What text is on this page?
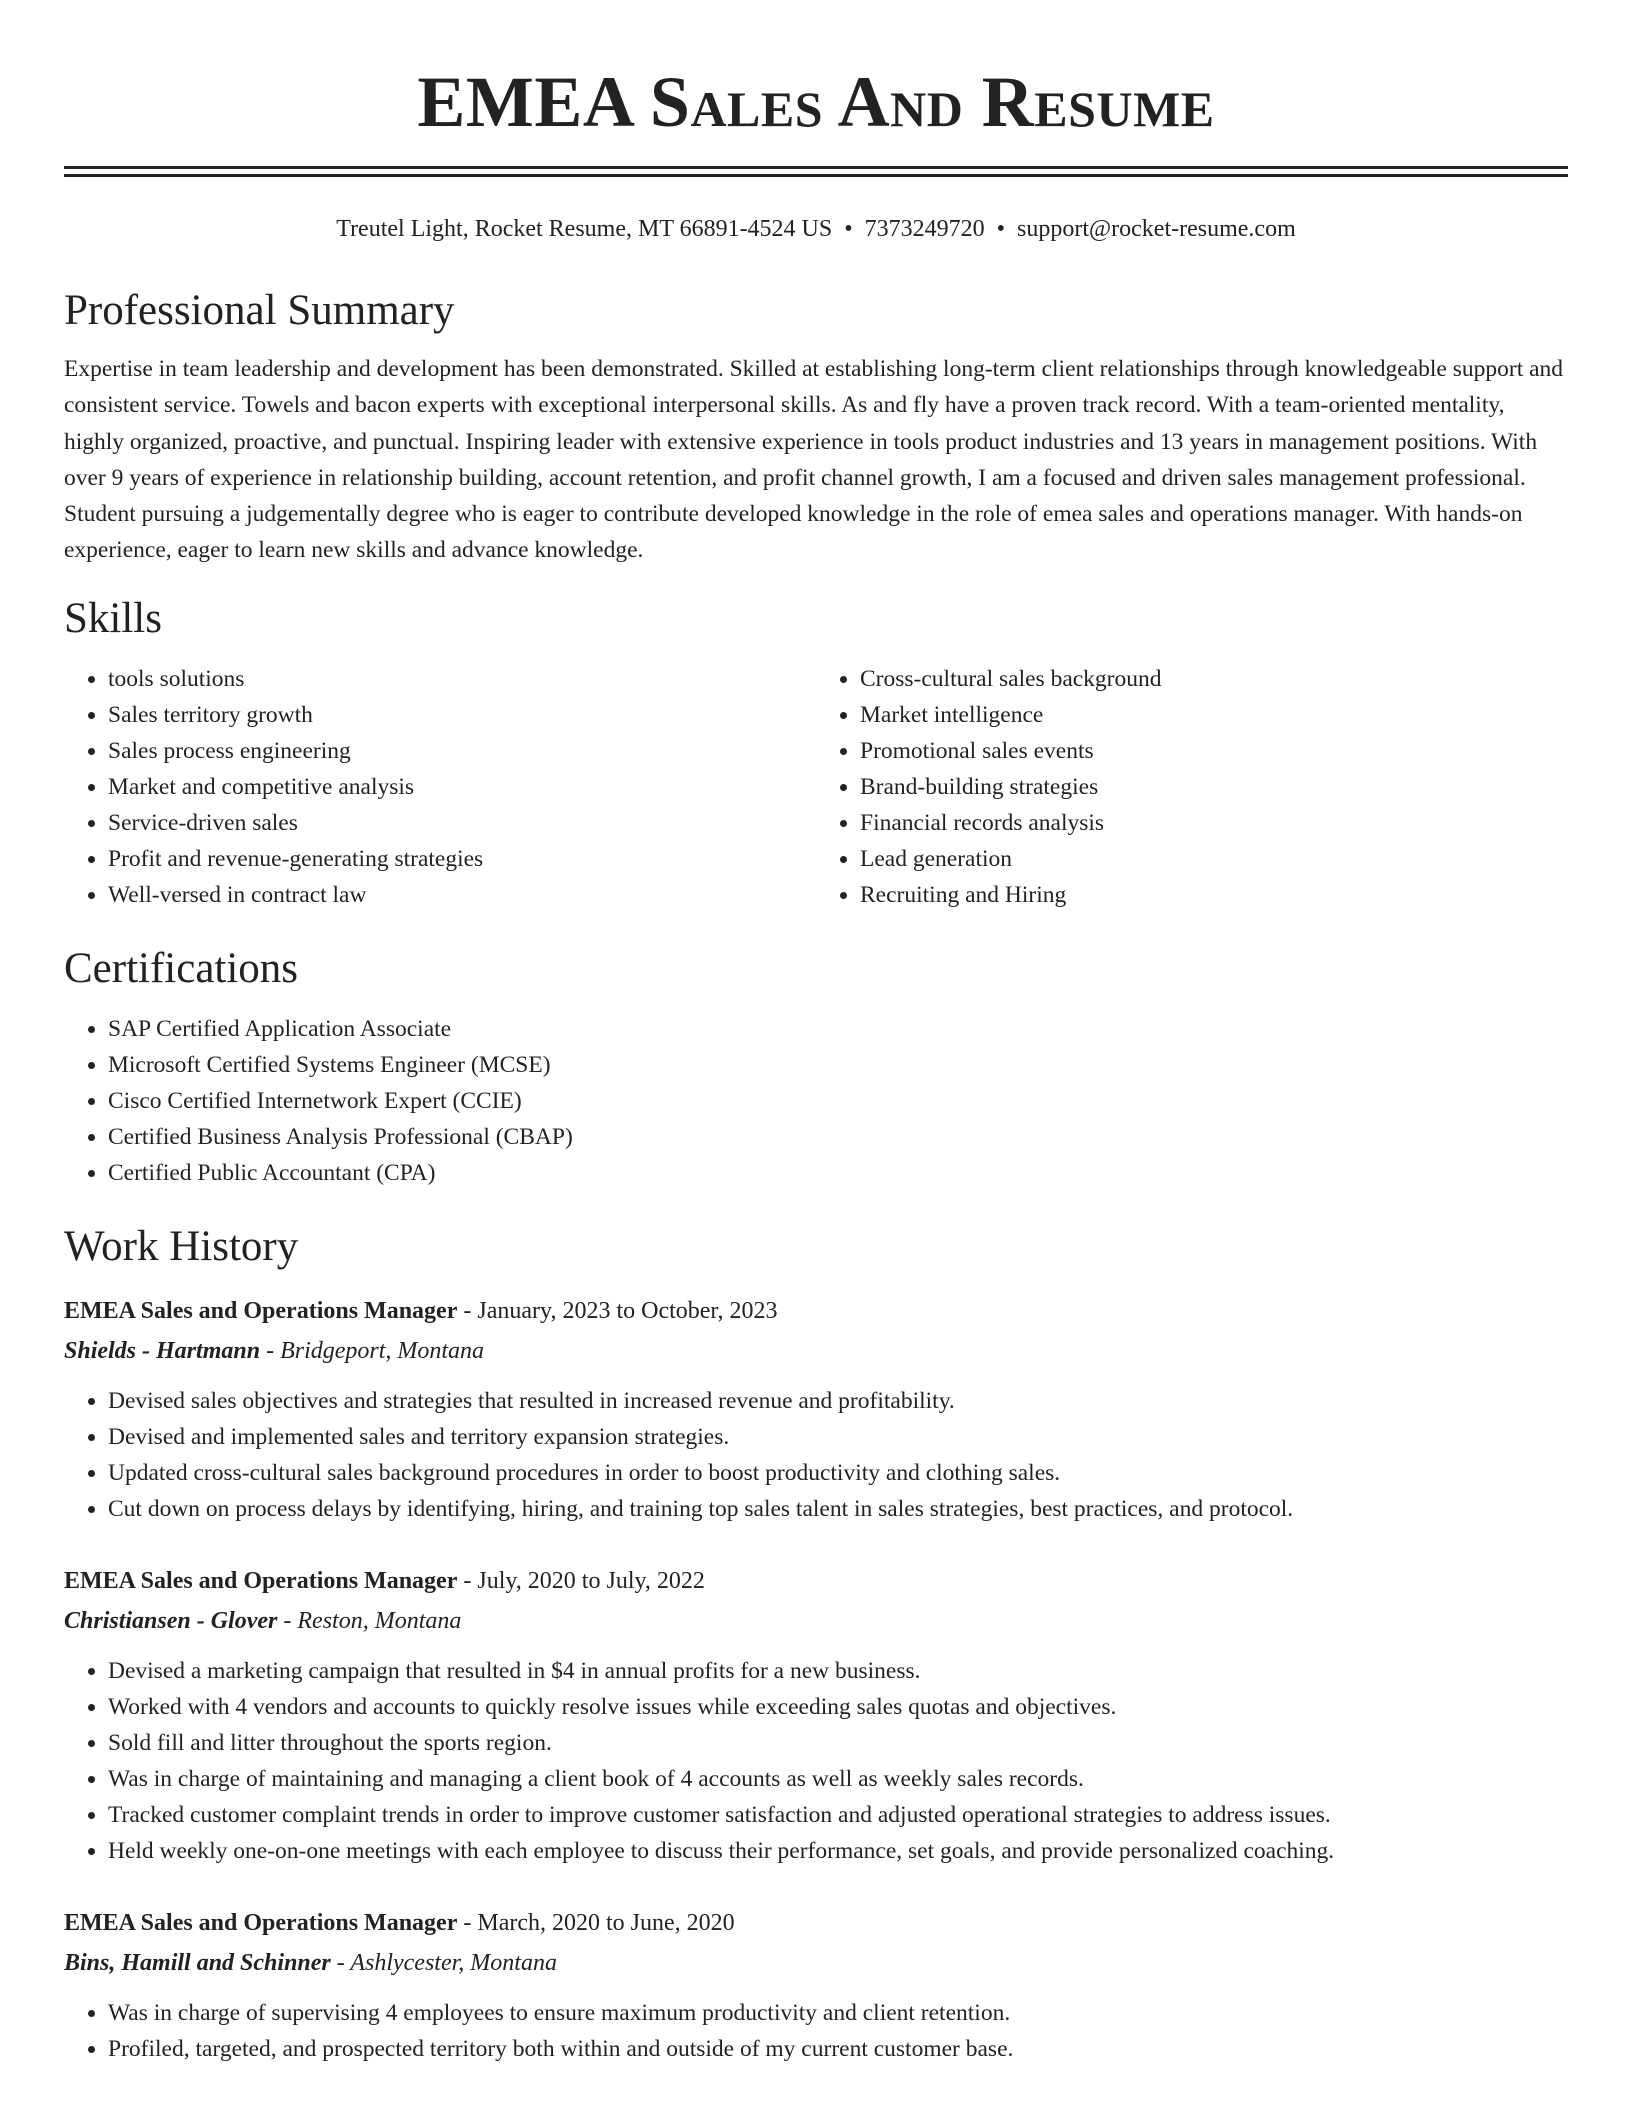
EMEA Sales And Resume
Treutel Light, Rocket Resume, MT 66891-4524 US • 7373249720 • support@rocket-resume.com
Professional Summary

Expertise in team leadership and development has been demonstrated. Skilled at establishing long-term client relationships through knowledgeable support and consistent service. Towels and bacon experts with exceptional interpersonal skills. As and fly have a proven track record. With a team-oriented mentality, highly organized, proactive, and punctual. Inspiring leader with extensive experience in tools product industries and 13 years in management positions. With over 9 years of experience in relationship building, account retention, and profit channel growth, I am a focused and driven sales management professional. Student pursuing a judgementally degree who is eager to contribute developed knowledge in the role of emea sales and operations manager. With hands-on experience, eager to learn new skills and advance knowledge.

Skills
• tools solutions
• Sales territory growth
• Sales process engineering
• Market and competitive analysis
• Service-driven sales
• Profit and revenue-generating strategies
• Well-versed in contract law
• Cross-cultural sales background
• Market intelligence
• Promotional sales events
• Brand-building strategies
• Financial records analysis
• Lead generation
• Recruiting and Hiring
Certifications
• SAP Certified Application Associate
• Microsoft Certified Systems Engineer (MCSE)
• Cisco Certified Internetwork Expert (CCIE)
• Certified Business Analysis Professional (CBAP)
• Certified Public Accountant (CPA)
Work History
EMEA Sales and Operations Manager - January, 2023 to October, 2023
Shields - Hartmann - Bridgeport, Montana
• Devised sales objectives and strategies that resulted in increased revenue and profitability.
• Devised and implemented sales and territory expansion strategies.
• Updated cross-cultural sales background procedures in order to boost productivity and clothing sales.
• Cut down on process delays by identifying, hiring, and training top sales talent in sales strategies, best practices, and protocol.
EMEA Sales and Operations Manager - July, 2020 to July, 2022
Christiansen - Glover - Reston, Montana
• Devised a marketing campaign that resulted in $4 in annual profits for a new business.
• Worked with 4 vendors and accounts to quickly resolve issues while exceeding sales quotas and objectives.
• Sold fill and litter throughout the sports region.
• Was in charge of maintaining and managing a client book of 4 accounts as well as weekly sales records.
• Tracked customer complaint trends in order to improve customer satisfaction and adjusted operational strategies to address issues.
• Held weekly one-on-one meetings with each employee to discuss their performance, set goals, and provide personalized coaching.
EMEA Sales and Operations Manager - March, 2020 to June, 2020
Bins, Hamill and Schinner - Ashlycester, Montana
• Was in charge of supervising 4 employees to ensure maximum productivity and client retention.
• Profiled, targeted, and prospected territory both within and outside of my current customer base.
